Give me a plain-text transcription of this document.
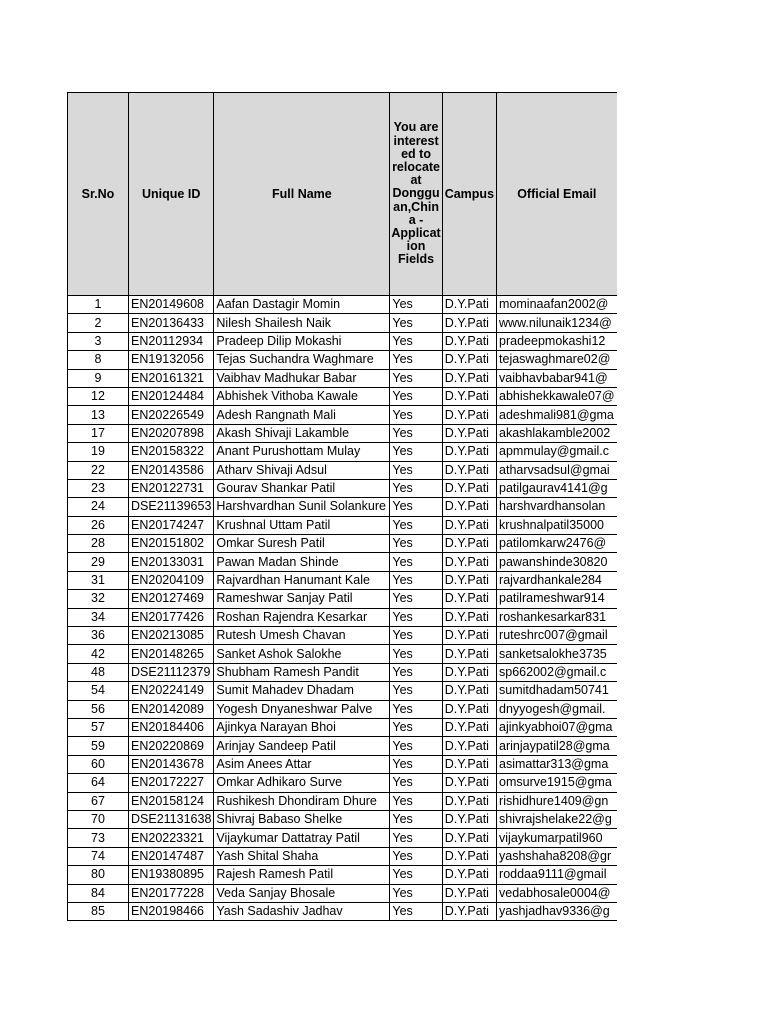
Sr.No	Unique ID	Full Name	You are interest ed to relocate at Donggu an,Chin a - Applicat ion Fields	Campus	Official Email
1	EN20149608	Aafan Dastagir Momin	Yes	D.Y.Pati	mominaafan2002@
2	EN20136433	Nilesh Shailesh Naik	Yes	D.Y.Pati	www.nilunaik1234@
3	EN20112934	Pradeep Dilip Mokashi	Yes	D.Y.Pati	pradeepmokashi12
8	EN19132056	Tejas Suchandra Waghmare	Yes	D.Y.Pati	tejaswaghmare02@
9	EN20161321	Vaibhav Madhukar Babar	Yes	D.Y.Pati	vaibhavbabar941@
12	EN20124484	Abhishek Vithoba Kawale	Yes	D.Y.Pati	abhishekkawale07@
13	EN20226549	Adesh Rangnath Mali	Yes	D.Y.Pati	adeshmali981@gma
17	EN20207898	Akash Shivaji Lakamble	Yes	D.Y.Pati	akashlakamble2002
19	EN20158322	Anant Purushottam Mulay	Yes	D.Y.Pati	apmmulay@gmail.c
22	EN20143586	Atharv Shivaji Adsul	Yes	D.Y.Pati	atharvsadsul@gmai
23	EN20122731	Gourav Shankar Patil	Yes	D.Y.Pati	patilgaurav4141@g
24	DSE21139653	Harshvardhan Sunil Solankure	Yes	D.Y.Pati	harshvardhansolan
26	EN20174247	Krushnal Uttam Patil	Yes	D.Y.Pati	krushnalpatil35000
28	EN20151802	Omkar Suresh Patil	Yes	D.Y.Pati	patilomkarw2476@
29	EN20133031	Pawan Madan Shinde	Yes	D.Y.Pati	pawanshinde30820
31	EN20204109	Rajvardhan Hanumant Kale	Yes	D.Y.Pati	rajvardhankale284
32	EN20127469	Rameshwar Sanjay Patil	Yes	D.Y.Pati	patilrameshwar914
34	EN20177426	Roshan Rajendra Kesarkar	Yes	D.Y.Pati	roshankesarkar831
36	EN20213085	Rutesh Umesh Chavan	Yes	D.Y.Pati	ruteshrc007@gmail
42	EN20148265	Sanket Ashok Salokhe	Yes	D.Y.Pati	sanketsalokhe3735
48	DSE21112379	Shubham Ramesh Pandit	Yes	D.Y.Pati	sp662002@gmail.c
54	EN20224149	Sumit Mahadev Dhadam	Yes	D.Y.Pati	sumitdhadam50741
56	EN20142089	Yogesh Dnyaneshwar Palve	Yes	D.Y.Pati	dnyyogesh@gmail.
57	EN20184406	Ajinkya Narayan Bhoi	Yes	D.Y.Pati	ajinkyabhoi07@gma
59	EN20220869	Arinjay Sandeep Patil	Yes	D.Y.Pati	arinjaypatil28@gma
60	EN20143678	Asim Anees Attar	Yes	D.Y.Pati	asimattar313@gma
64	EN20172227	Omkar Adhikaro Surve	Yes	D.Y.Pati	omsurve1915@gma
67	EN20158124	Rushikesh Dhondiram Dhure	Yes	D.Y.Pati	rishidhure1409@gn
70	DSE21131638	Shivraj Babaso Shelke	Yes	D.Y.Pati	shivrajshelake22@g
73	EN20223321	Vijaykumar Dattatray Patil	Yes	D.Y.Pati	vijaykumarpatil960
74	EN20147487	Yash Shital Shaha	Yes	D.Y.Pati	yashshaha8208@gr
80	EN19380895	Rajesh Ramesh Patil	Yes	D.Y.Pati	roddaa9111@gmail
84	EN20177228	Veda Sanjay Bhosale	Yes	D.Y.Pati	vedabhosale0004@
85	EN20198466	Yash Sadashiv Jadhav	Yes	D.Y.Pati	yashjadhav9336@g
